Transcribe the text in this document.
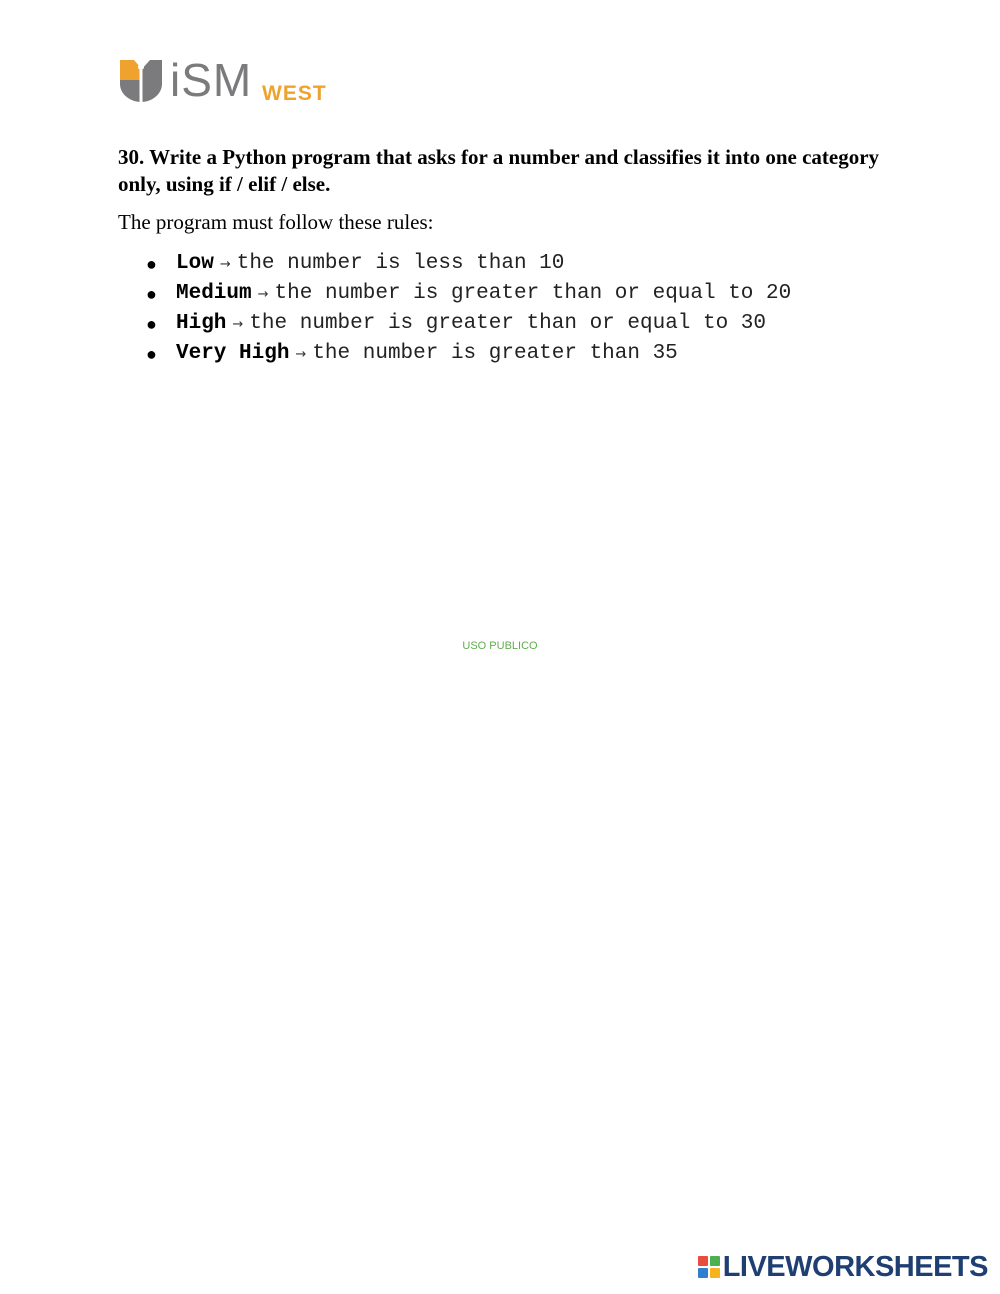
iSM WEST

30. Write a Python program that asks for a number and classifies it into one category only, using if / elif / else.

The program must follow these rules:

● Low → the number is less than 10
● Medium → the number is greater than or equal to 20
● High → the number is greater than or equal to 30
● Very High → the number is greater than 35
USO PUBLICO
LIVEWORKSHEETS
